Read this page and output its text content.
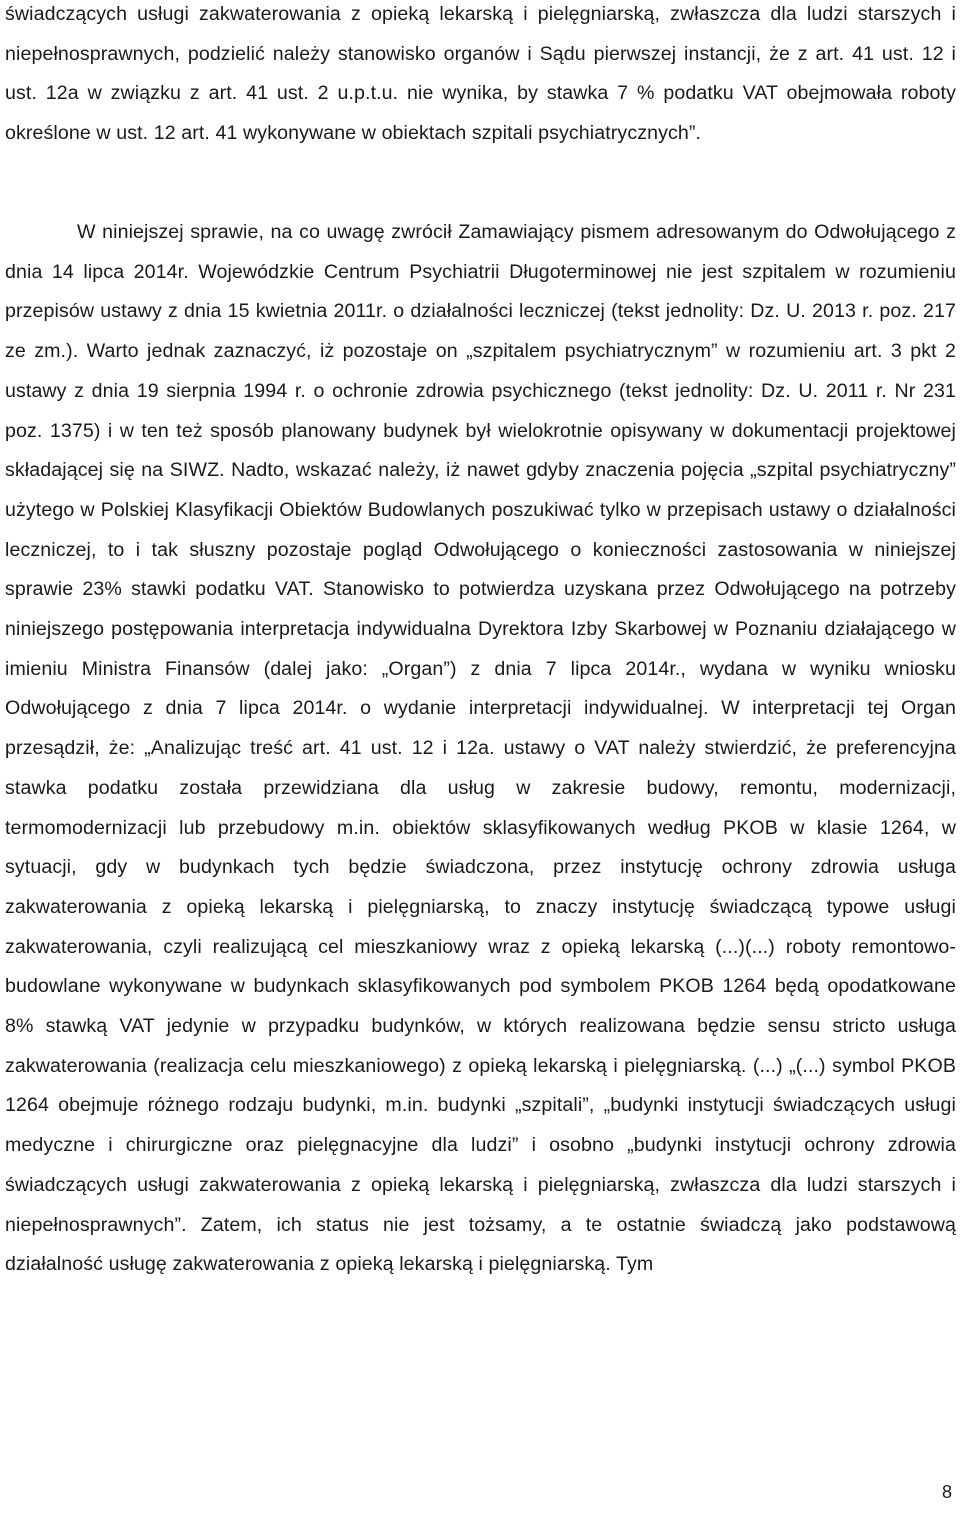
świadczących usługi zakwaterowania z opieką lekarską i pielęgniarską, zwłaszcza dla ludzi starszych i niepełnosprawnych, podzielić należy stanowisko organów i Sądu pierwszej instancji, że z art. 41 ust. 12 i ust. 12a w związku z art. 41 ust. 2 u.p.t.u. nie wynika, by stawka 7 % podatku VAT obejmowała roboty określone w ust. 12 art. 41 wykonywane w obiektach szpitali psychiatrycznych”.

W niniejszej sprawie, na co uwagę zwrócił Zamawiający pismem adresowanym do Odwołującego z dnia 14 lipca 2014r. Wojewódzkie Centrum Psychiatrii Długoterminowej nie jest szpitalem w rozumieniu przepisów ustawy z dnia 15 kwietnia 2011r. o działalności leczniczej (tekst jednolity: Dz. U. 2013 r. poz. 217 ze zm.). Warto jednak zaznaczyć, iż pozostaje on „szpitalem psychiatrycznym” w rozumieniu art. 3 pkt 2 ustawy z dnia 19 sierpnia 1994 r. o ochronie zdrowia psychicznego (tekst jednolity: Dz. U. 2011 r. Nr 231 poz. 1375) i w ten też sposób planowany budynek był wielokrotnie opisywany w dokumentacji projektowej składającej się na SIWZ. Nadto, wskazać należy, iż nawet gdyby znaczenia pojęcia „szpital psychiatryczny” użytego w Polskiej Klasyfikacji Obiektów Budowlanych poszukiwać tylko w przepisach ustawy o działalności leczniczej, to i tak słuszny pozostaje pogląd Odwołującego o konieczności zastosowania w niniejszej sprawie 23% stawki podatku VAT. Stanowisko to potwierdza uzyskana przez Odwołującego na potrzeby niniejszego postępowania interpretacja indywidualna Dyrektora Izby Skarbowej w Poznaniu działającego w imieniu Ministra Finansów (dalej jako: „Organ”) z dnia 7 lipca 2014r., wydana w wyniku wniosku Odwołującego z dnia 7 lipca 2014r. o wydanie interpretacji indywidualnej. W interpretacji tej Organ przesądził, że: „Analizując treść art. 41 ust. 12 i 12a. ustawy o VAT należy stwierdzić, że preferencyjna stawka podatku została przewidziana dla usług w zakresie budowy, remontu, modernizacji, termomodernizacji lub przebudowy m.in. obiektów sklasyfikowanych według PKOB w klasie 1264, w sytuacji, gdy w budynkach tych będzie świadczona, przez instytucję ochrony zdrowia usługa zakwaterowania z opieką lekarską i pielęgniarską, to znaczy instytucję świadczącą typowe usługi zakwaterowania, czyli realizującą cel mieszkaniowy wraz z opieką lekarską (...)(...) roboty remontowo-budowlane wykonywane w budynkach sklasyfikowanych pod symbolem PKOB 1264 będą opodatkowane 8% stawką VAT jedynie w przypadku budynków, w których realizowana będzie sensu stricto usługa zakwaterowania (realizacja celu mieszkaniowego) z opieką lekarską i pielęgniarską. (...) „(...) symbol PKOB 1264 obejmuje różnego rodzaju budynki, m.in. budynki „szpitali”, „budynki instytucji świadczących usługi medyczne i chirurgiczne oraz pielęgnacyjne dla ludzi” i osobno „budynki instytucji ochrony zdrowia świadczących usługi zakwaterowania z opieką lekarską i pielęgniarską, zwłaszcza dla ludzi starszych i niepełnosprawnych”. Zatem, ich status nie jest tożsamy, a te ostatnie świadczą jako podstawową działalność usługę zakwaterowania z opieką lekarską i pielęgniarską. Tym

8
